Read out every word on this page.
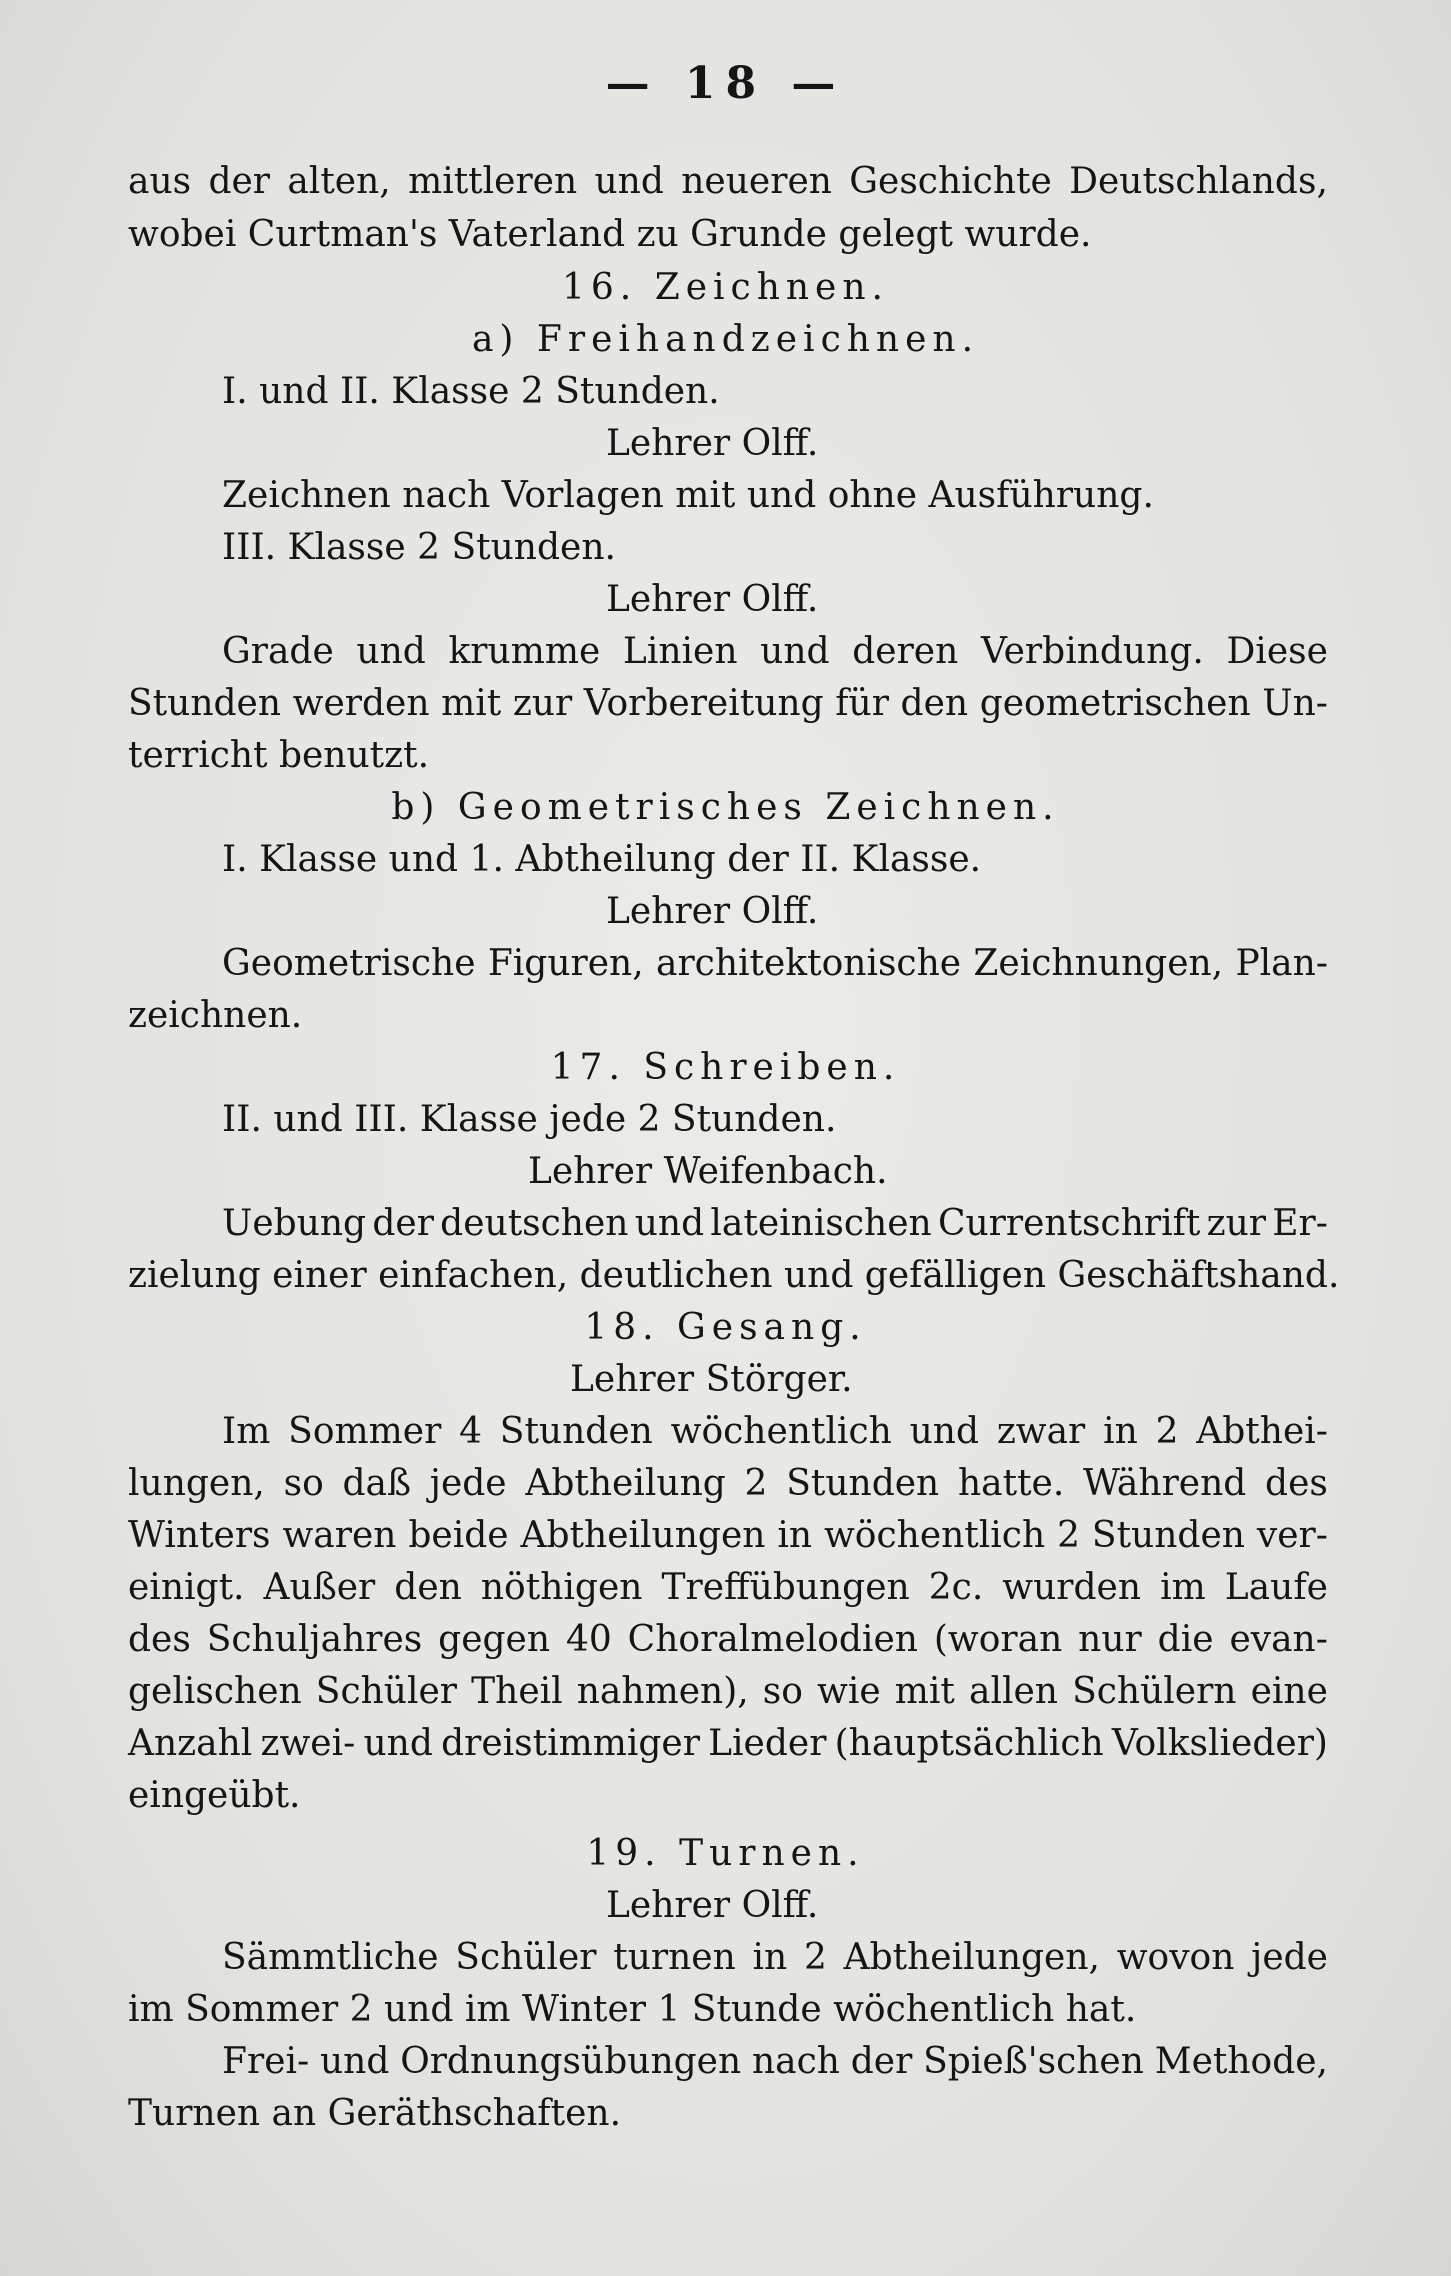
— 18 —
aus der alten, mittleren und neueren Geschichte Deutschlands,
wobei Curtman's Vaterland zu Grunde gelegt wurde.
16. Zeichnen.
a) Freihandzeichnen.
I. und II. Klasse 2 Stunden.
Lehrer Olff.
Zeichnen nach Vorlagen mit und ohne Ausführung.
III. Klasse 2 Stunden.
Lehrer Olff.
Grade und krumme Linien und deren Verbindung. Diese
Stunden werden mit zur Vorbereitung für den geometrischen Un-
terricht benutzt.
b) Geometrisches Zeichnen.
I. Klasse und 1. Abtheilung der II. Klasse.
Lehrer Olff.
Geometrische Figuren, architektonische Zeichnungen, Plan-
zeichnen.
17. Schreiben.
II. und III. Klasse jede 2 Stunden.
Lehrer Weifenbach.
Uebung der deutschen und lateinischen Currentschrift zur Er-
zielung einer einfachen, deutlichen und gefälligen Geschäftshand.
18. Gesang.
Lehrer Störger.
Im Sommer 4 Stunden wöchentlich und zwar in 2 Abthei-
lungen, so daß jede Abtheilung 2 Stunden hatte. Während des
Winters waren beide Abtheilungen in wöchentlich 2 Stunden ver-
einigt. Außer den nöthigen Treffübungen 2c. wurden im Laufe
des Schuljahres gegen 40 Choralmelodien (woran nur die evan-
gelischen Schüler Theil nahmen), so wie mit allen Schülern eine
Anzahl zwei- und dreistimmiger Lieder (hauptsächlich Volkslieder)
eingeübt.
19. Turnen.
Lehrer Olff.
Sämmtliche Schüler turnen in 2 Abtheilungen, wovon jede
im Sommer 2 und im Winter 1 Stunde wöchentlich hat.
Frei- und Ordnungsübungen nach der Spieß'schen Methode,
Turnen an Geräthschaften.
